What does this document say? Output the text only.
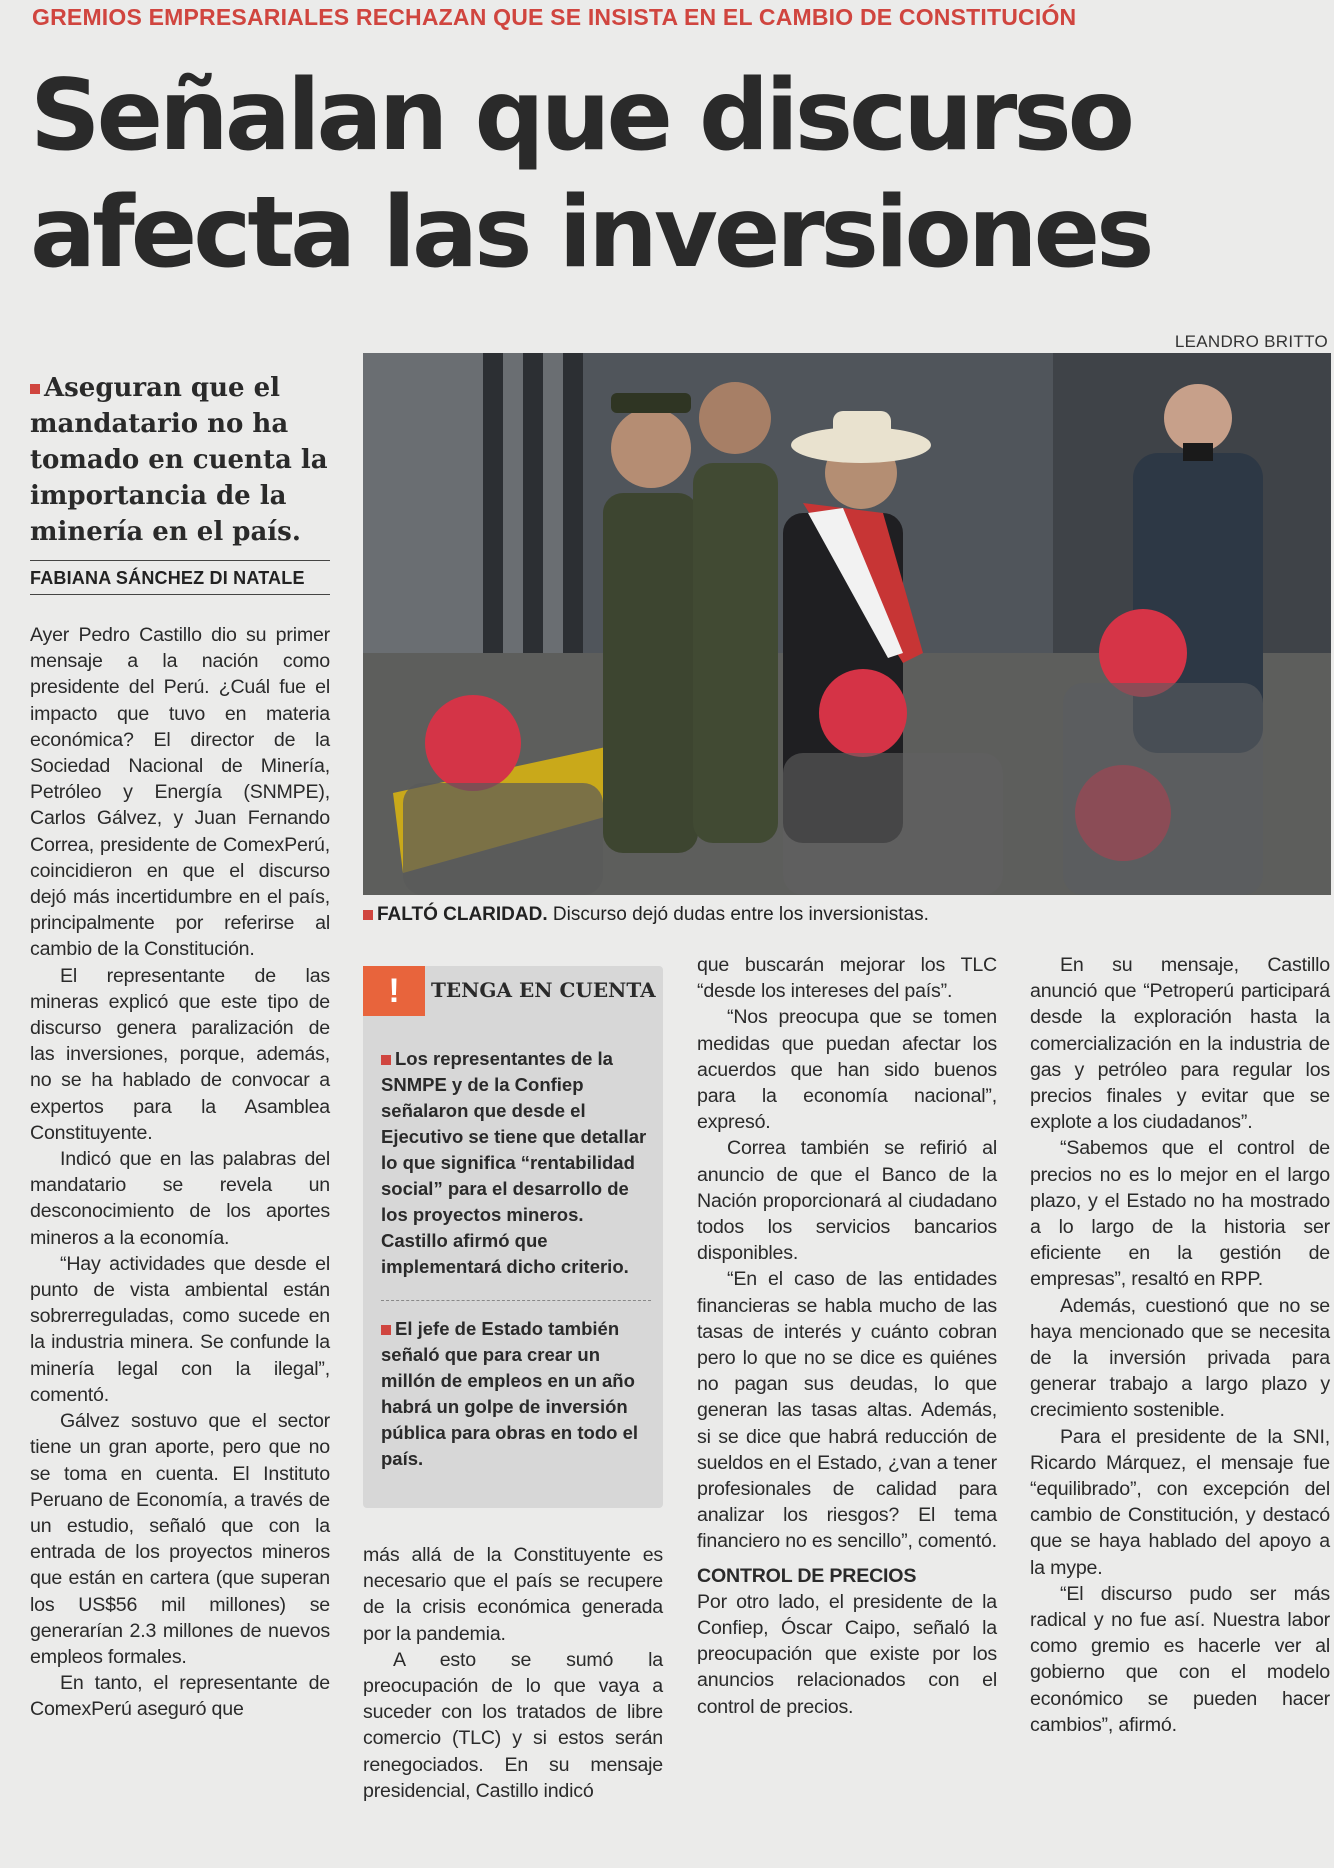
GREMIOS EMPRESARIALES RECHAZAN QUE SE INSISTA EN EL CAMBIO DE CONSTITUCIÓN
Señalan que discurso
afecta las inversiones
LEANDRO BRITTO
FALTÓ CLARIDAD. Discurso dejó dudas entre los inversionistas.
Aseguran que el mandatario no ha tomado en cuenta la importancia de la minería en el país.
FABIANA SÁNCHEZ DI NATALE

Ayer Pedro Castillo dio su primer mensaje a la nación como presidente del Perú. ¿Cuál fue el impacto que tuvo en materia económica? El director de la Sociedad Nacional de Minería, Petróleo y Energía (SNMPE), Carlos Gálvez, y Juan Fernando Correa, presidente de ComexPerú, coincidieron en que el discurso dejó más incertidumbre en el país, principalmente por referirse al cambio de la Constitución.

El representante de las mineras explicó que este tipo de discurso genera paralización de las inversiones, porque, además, no se ha hablado de convocar a expertos para la Asamblea Constituyente.

Indicó que en las palabras del mandatario se revela un desconocimiento de los aportes mineros a la economía.

“Hay actividades que desde el punto de vista ambiental están sobrerreguladas, como sucede en la industria minera. Se confunde la minería legal con la ilegal”, comentó.

Gálvez sostuvo que el sector tiene un gran aporte, pero que no se toma en cuenta. El Instituto Peruano de Economía, a través de un estudio, señaló que con la entrada de los proyectos mineros que están en cartera (que superan los US$56 mil millones) se generarían 2.3 millones de nuevos empleos formales.

En tanto, el representante de ComexPerú aseguró que

!	TENGA EN CUENTA

Los representantes de la SNMPE y de la Confiep señalaron que desde el Ejecutivo se tiene que detallar lo que significa “rentabilidad social” para el desarrollo de los proyectos mineros. Castillo afirmó que implementará dicho criterio.

El jefe de Estado también señaló que para crear un millón de empleos en un año habrá un golpe de inversión pública para obras en todo el país.

más allá de la Constituyente es necesario que el país se recupere de la crisis económica generada por la pandemia.

A esto se sumó la preocupación de lo que vaya a suceder con los tratados de libre comercio (TLC) y si estos serán renegociados. En su mensaje presidencial, Castillo indicó

que buscarán mejorar los TLC “desde los intereses del país”.

“Nos preocupa que se tomen medidas que puedan afectar los acuerdos que han sido buenos para la economía nacional”, expresó.

Correa también se refirió al anuncio de que el Banco de la Nación proporcionará al ciudadano todos los servicios bancarios disponibles.

“En el caso de las entidades financieras se habla mucho de las tasas de interés y cuánto cobran pero lo que no se dice es quiénes no pagan sus deudas, lo que generan las tasas altas. Además, si se dice que habrá reducción de sueldos en el Estado, ¿van a tener profesionales de calidad para analizar los riesgos? El tema financiero no es sencillo”, comentó.

CONTROL DE PRECIOS

Por otro lado, el presidente de la Confiep, Óscar Caipo, señaló la preocupación que existe por los anuncios relacionados con el control de precios.

En su mensaje, Castillo anunció que “Petroperú participará desde la exploración hasta la comercialización en la industria de gas y petróleo para regular los precios finales y evitar que se explote a los ciudadanos”.

“Sabemos que el control de precios no es lo mejor en el largo plazo, y el Estado no ha mostrado a lo largo de la historia ser eficiente en la gestión de empresas”, resaltó en RPP.

Además, cuestionó que no se haya mencionado que se necesita de la inversión privada para generar trabajo a largo plazo y crecimiento sostenible.

Para el presidente de la SNI, Ricardo Márquez, el mensaje fue “equilibrado”, con excepción del cambio de Constitución, y destacó que se haya hablado del apoyo a la mype.

“El discurso pudo ser más radical y no fue así. Nuestra labor como gremio es hacerle ver al gobierno que con el modelo económico se pueden hacer cambios”, afirmó.
